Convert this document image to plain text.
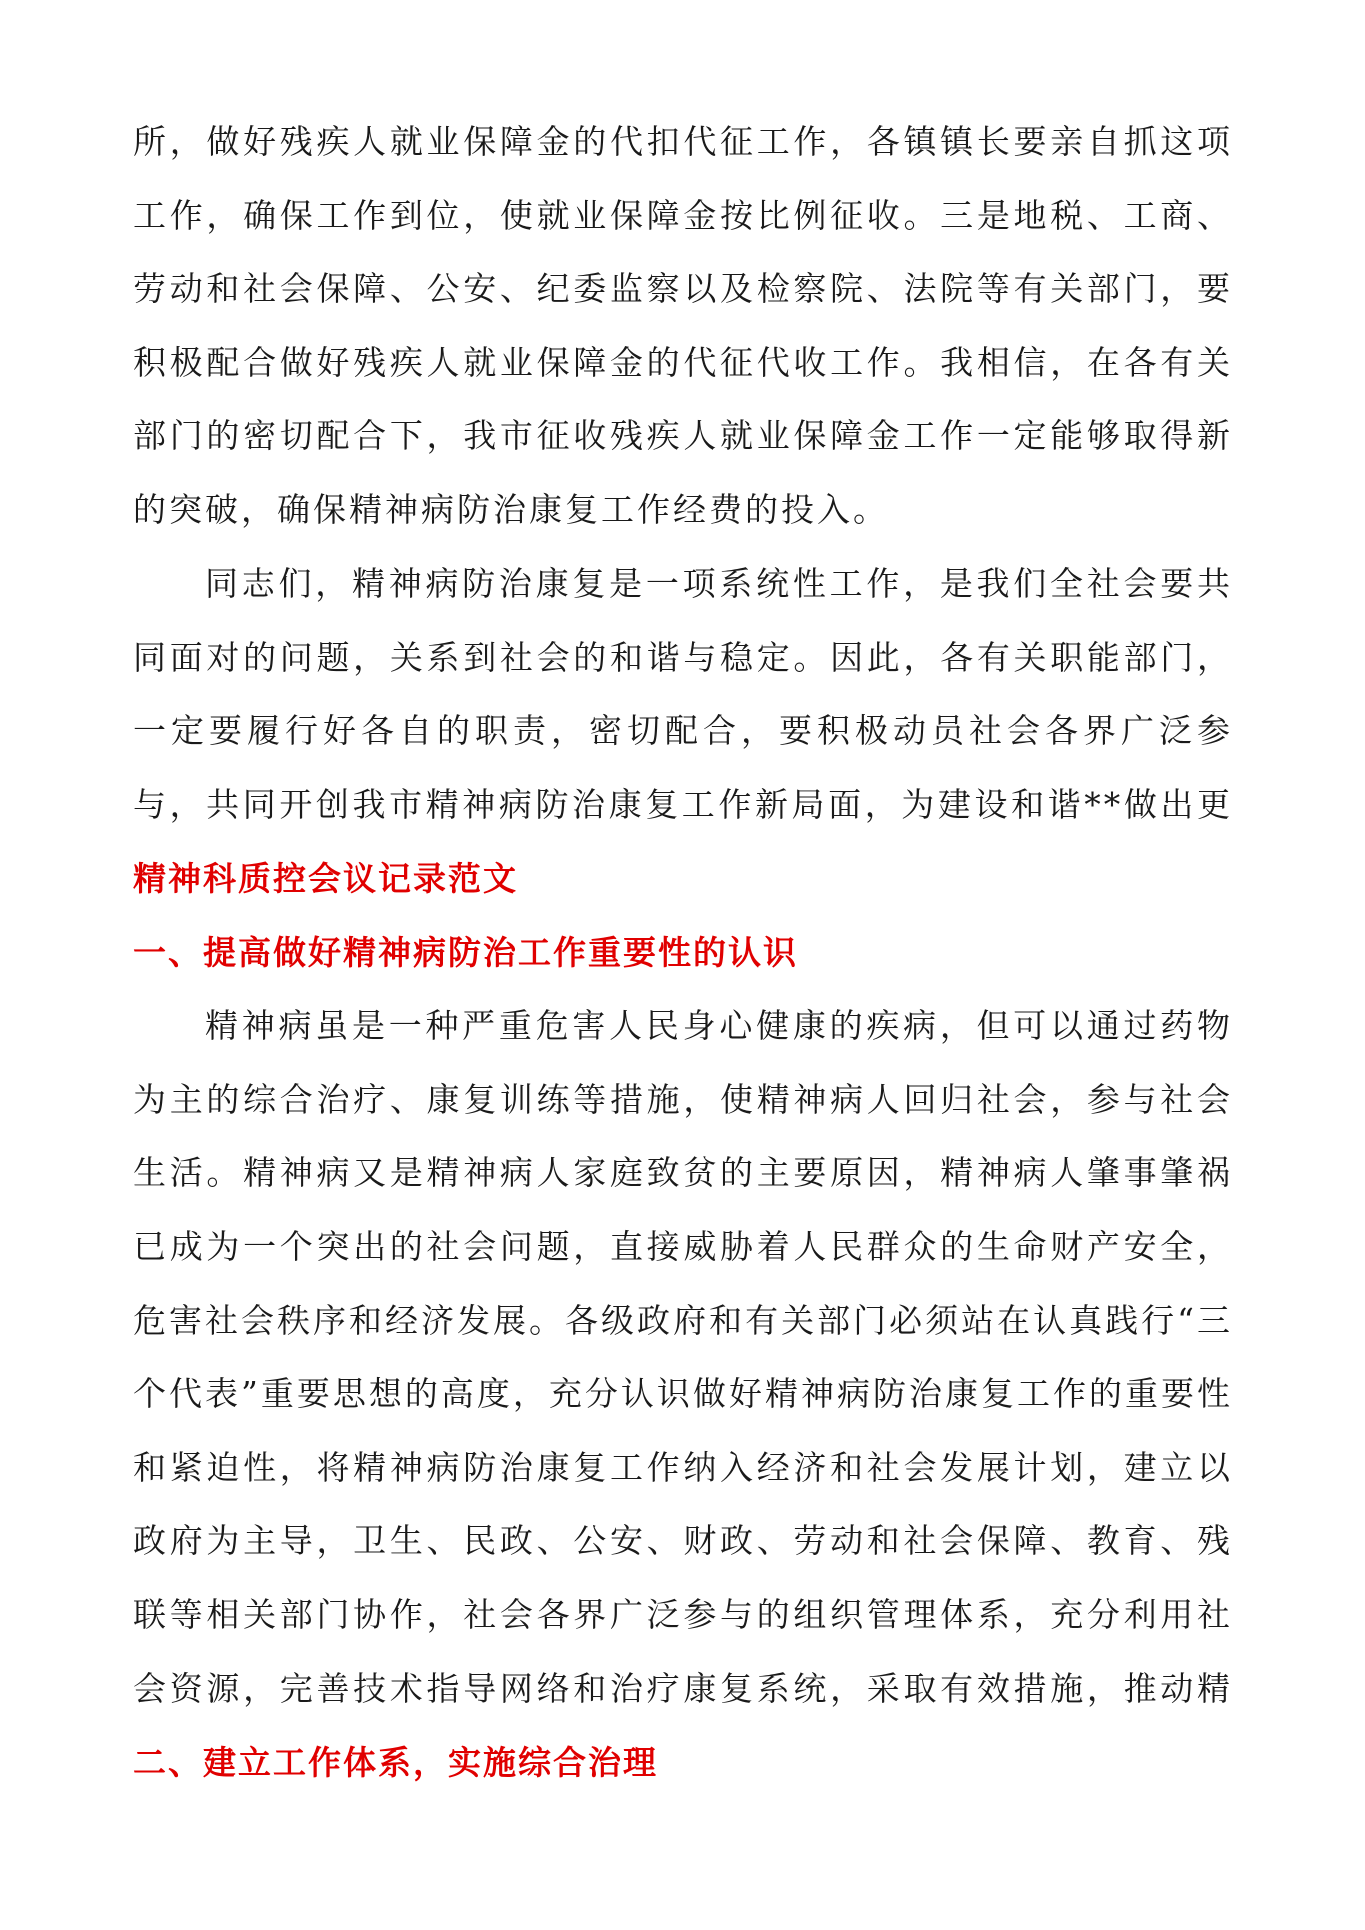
所，做好残疾人就业保障金的代扣代征工作，各镇镇长要亲自抓这项工作，确保工作到位，使就业保障金按比例征收。三是地税、工商、劳动和社会保障、公安、纪委监察以及检察院、法院等有关部门，要积极配合做好残疾人就业保障金的代征代收工作。我相信，在各有关部门的密切配合下，我市征收残疾人就业保障金工作一定能够取得新的突破，确保精神病防治康复工作经费的投入。

同志们，精神病防治康复是一项系统性工作，是我们全社会要共同面对的问题，关系到社会的和谐与稳定。因此，各有关职能部门，一定要履行好各自的职责，密切配合，要积极动员社会各界广泛参与，共同开创我市精神病防治康复工作新局面，为建设和谐**做出更

精神科质控会议记录范文

一、提高做好精神病防治工作重要性的认识

精神病虽是一种严重危害人民身心健康的疾病，但可以通过药物为主的综合治疗、康复训练等措施，使精神病人回归社会，参与社会生活。精神病又是精神病人家庭致贫的主要原因，精神病人肇事肇祸已成为一个突出的社会问题，直接威胁着人民群众的生命财产安全，危害社会秩序和经济发展。各级政府和有关部门必须站在认真践行“三个代表”重要思想的高度，充分认识做好精神病防治康复工作的重要性和紧迫性，将精神病防治康复工作纳入经济和社会发展计划，建立以政府为主导，卫生、民政、公安、财政、劳动和社会保障、教育、残联等相关部门协作，社会各界广泛参与的组织管理体系，充分利用社会资源，完善技术指导网络和治疗康复系统，采取有效措施，推动精

二、建立工作体系，实施综合治理
